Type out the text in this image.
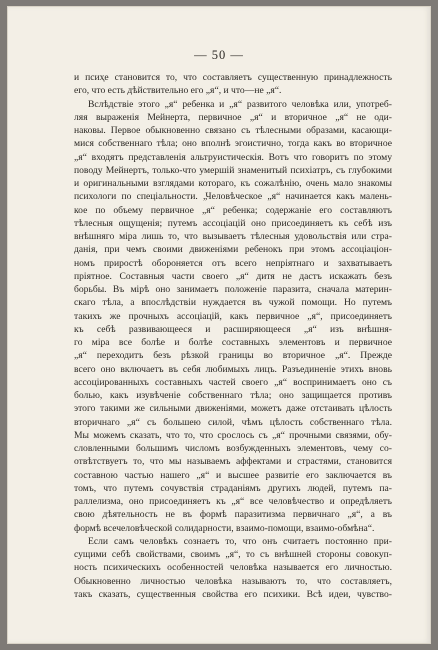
— 50 —
и псиҳе становится то, что составляетъ существенную принадлежность
его, что есть дѣйствительно его „я“, и что—не „я“.
Вслѣдствіе этого „я“ ребенка и „я“ развитого человѣка или, употреб-
ляя выраженія Мейнерта, первичное „я“ и вторичное „я“ не оди-
наковы. Первое обыкновенно связано съ тѣлесными образами, касающи-
мися собственнаго тѣла; оно вполнѣ эгоистично, тогда какъ во вторичное
„я“ входятъ представленія альтруистическія. Вотъ что говоритъ по этому
поводу Мейнертъ, только-что умершій знаменитый психіатръ, съ глубокими
и оригинальными взглядами котораго, къ сожалѣнію, очень мало знакомы
психологи по спеціальности. „Человѣческое „я“ начинается какъ малень-
кое по объему первичное „я“ ребенка; содержаніе его составляютъ
тѣлесныя ощущенія; путемъ ассоціацій оно присоединяетъ къ себѣ изъ
внѣшняго міра лишь то, что вызываетъ тѣлесныя удовольствія или стра-
данія, при чемъ своими движеніями ребенокъ при этомъ ассоціаціон-
номъ приростѣ обороняется отъ всего непріятнаго и захватываетъ
пріятное. Составныя части своего „я“ дитя не дастъ искажать безъ
борьбы. Въ мірѣ оно занимаетъ положеніе паразита, сначала материн-
скаго тѣла, а впослѣдствіи нуждается въ чужой помощи. Но путемъ
такихъ же прочныхъ ассоціацій, какъ первичное „я“, присоединяетъ
къ себѣ развивающееся и расширяющееся „я“ изъ внѣшня-
го міра все болѣе и болѣе составныхъ элементовъ и первичное
„я“ переходитъ безъ рѣзкой границы во вторичное „я“. Прежде
всего оно включаетъ въ себя любимыхъ лицъ. Разъединеніе этихъ вновь
ассоціированныхъ составныхъ частей своего „я“ воспринимаетъ оно съ
болью, какъ изувѣченіе собственнаго тѣла; оно защищается противъ
этого такими же сильными движеніями, можетъ даже отстаивать цѣлость
вторичнаго „я“ съ большею силой, чѣмъ цѣлость собственнаго тѣла.
Мы можемъ сказать, что то, что срослось съ „я“ прочными связями, обу-
словленными большимъ числомъ возбужденныхъ элементовъ, чему со-
отвѣтствуетъ то, что мы называемъ аффектами и страстями, становится
составною частью нашего „я“ и высшее развитіе его заключается въ
томъ, что путемъ сочувствія страданіямъ другихъ людей, путемъ па-
раллелизма, оно присоединяетъ къ „я“ все человѣчество и опредѣляетъ
свою дѣятельность не въ формѣ паразитизма первичнаго „я“, а въ
формѣ всечеловѣческой солидарности, взаимо-помощи, взаимо-обмѣна“.
Если самъ человѣкъ сознаетъ то, что онъ считаетъ постоянно при-
сущими себѣ свойствами, своимъ „я“, то съ внѣшней стороны совокуп-
ность психическихъ особенностей человѣка называется его личностью.
Обыкновенно личностью человѣка называютъ то, что составляетъ,
такъ сказать, существенныя свойства его психики. Всѣ идеи, чувство-
